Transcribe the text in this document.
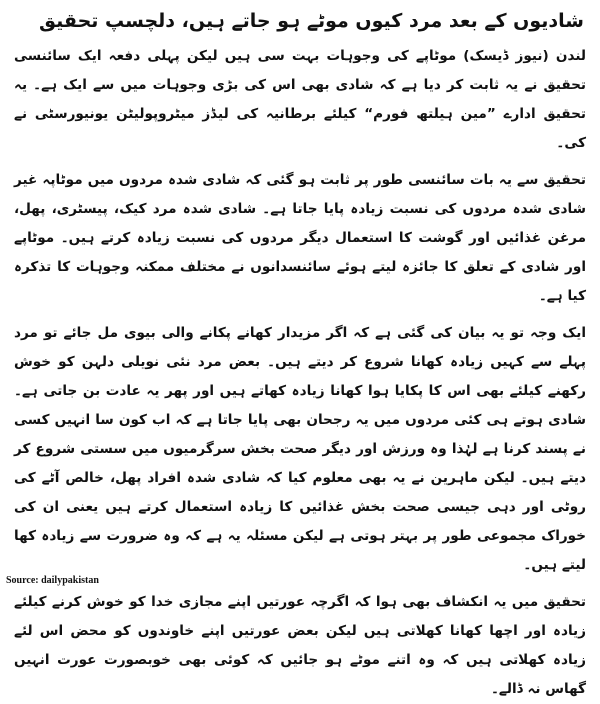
شادیوں کے بعد مرد کیوں موٹے ہو جاتے ہیں، دلچسپ تحقیق

لندن (نیوز ڈیسک) موٹاپے کی وجوہات بہت سی ہیں لیکن پہلی دفعہ ایک سائنسی تحقیق نے یہ ثابت کر دیا ہے کہ شادی بھی اس کی بڑی وجوہات میں سے ایک ہے۔ یہ تحقیق ادارے ”مین ہیلتھ فورم“ کیلئے برطانیہ کی لیڈز میٹروپولیٹن یونیورسٹی نے کی۔

تحقیق سے یہ بات سائنسی طور پر ثابت ہو گئی کہ شادی شدہ مردوں میں موٹاپہ غیر شادی شدہ مردوں کی نسبت زیادہ پایا جاتا ہے۔ شادی شدہ مرد کیک، پیسٹری، پھل، مرغن غذائیں اور گوشت کا استعمال دیگر مردوں کی نسبت زیادہ کرتے ہیں۔ موٹاپے اور شادی کے تعلق کا جائزہ لیتے ہوئے سائنسدانوں نے مختلف ممکنہ وجوہات کا تذکرہ کیا ہے۔

ایک وجہ تو یہ بیان کی گئی ہے کہ اگر مزیدار کھانے پکانے والی بیوی مل جائے تو مرد پہلے سے کہیں زیادہ کھانا شروع کر دیتے ہیں۔ بعض مرد نئی نویلی دلہن کو خوش رکھنے کیلئے بھی اس کا پکایا ہوا کھانا زیادہ کھاتے ہیں اور پھر یہ عادت بن جاتی ہے۔ شادی ہوتے ہی کئی مردوں میں یہ رجحان بھی پایا جاتا ہے کہ اب کون سا انہیں کسی نے پسند کرنا ہے لہٰذا وہ ورزش اور دیگر صحت بخش سرگرمیوں میں سستی شروع کر دیتے ہیں۔ لیکن ماہرین نے یہ بھی معلوم کیا کہ شادی شدہ افراد پھل، خالص آٹے کی روٹی اور دہی جیسی صحت بخش غذائیں کا زیادہ استعمال کرتے ہیں یعنی ان کی خوراک مجموعی طور پر بہتر ہوتی ہے لیکن مسئلہ یہ ہے کہ وہ ضرورت سے زیادہ کھا لیتے ہیں۔

تحقیق میں یہ انکشاف بھی ہوا کہ اگرچہ عورتیں اپنے مجازی خدا کو خوش کرنے کیلئے زیادہ اور اچھا کھانا کھلاتی ہیں لیکن بعض عورتیں اپنے خاوندوں کو محض اس لئے زیادہ کھلاتی ہیں کہ وہ اتنے موٹے ہو جائیں کہ کوئی بھی خوبصورت عورت انہیں گھاس نہ ڈالے۔

Source: dailypakistan
